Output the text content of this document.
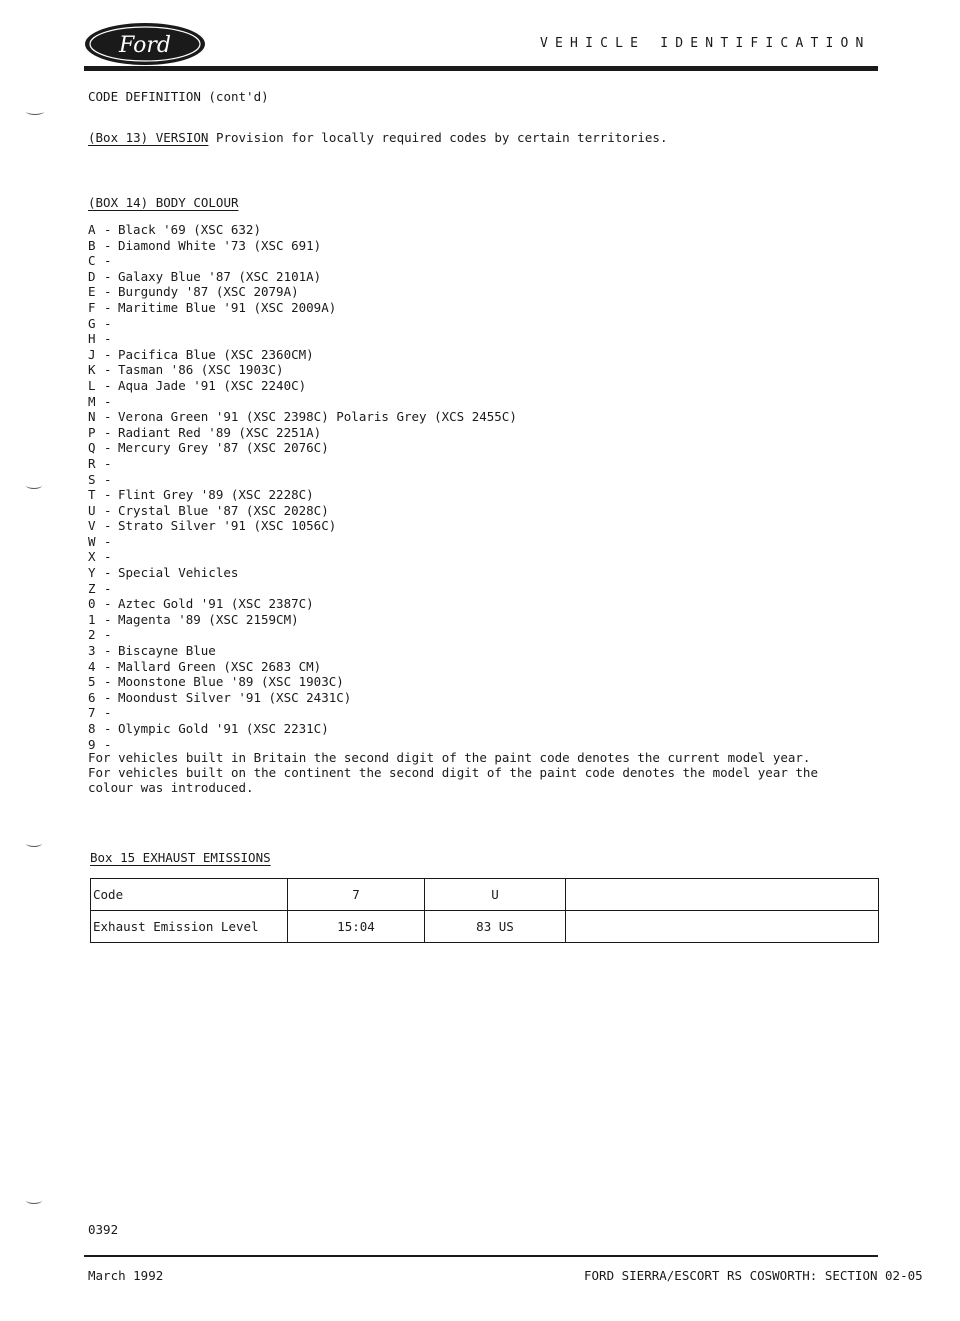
Ford	VEHICLE IDENTIFICATION
CODE DEFINITION (cont'd)
(Box 13) VERSION Provision for locally required codes by certain territories.
(BOX 14) BODY COLOUR
A - Black '69 (XSC 632)
B - Diamond White '73 (XSC 691)
C -
D - Galaxy Blue '87 (XSC 2101A)
E - Burgundy '87 (XSC 2079A)
F - Maritime Blue '91 (XSC 2009A)
G -
H -
J - Pacifica Blue (XSC 2360CM)
K - Tasman '86 (XSC 1903C)
L - Aqua Jade '91 (XSC 2240C)
M -
N - Verona Green '91 (XSC 2398C) Polaris Grey (XCS 2455C)
P - Radiant Red '89 (XSC 2251A)
Q - Mercury Grey '87 (XSC 2076C)
R -
S -
T - Flint Grey '89 (XSC 2228C)
U - Crystal Blue '87 (XSC 2028C)
V - Strato Silver '91 (XSC 1056C)
W -
X -
Y - Special Vehicles
Z -
0 - Aztec Gold '91 (XSC 2387C)
1 - Magenta '89 (XSC 2159CM)
2 -
3 - Biscayne Blue
4 - Mallard Green (XSC 2683 CM)
5 - Moonstone Blue '89 (XSC 1903C)
6 - Moondust Silver '91 (XSC 2431C)
7 -
8 - Olympic Gold '91 (XSC 2231C)
9 -
For vehicles built in Britain the second digit of the paint code denotes the current model year.
For vehicles built on the continent the second digit of the paint code denotes the model year the
colour was introduced.
Box 15 EXHAUST EMISSIONS
Code	7	U	
Exhaust Emission Level	15:04	83 US	
0392
March 1992	FORD SIERRA/ESCORT RS COSWORTH: SECTION 02-05
